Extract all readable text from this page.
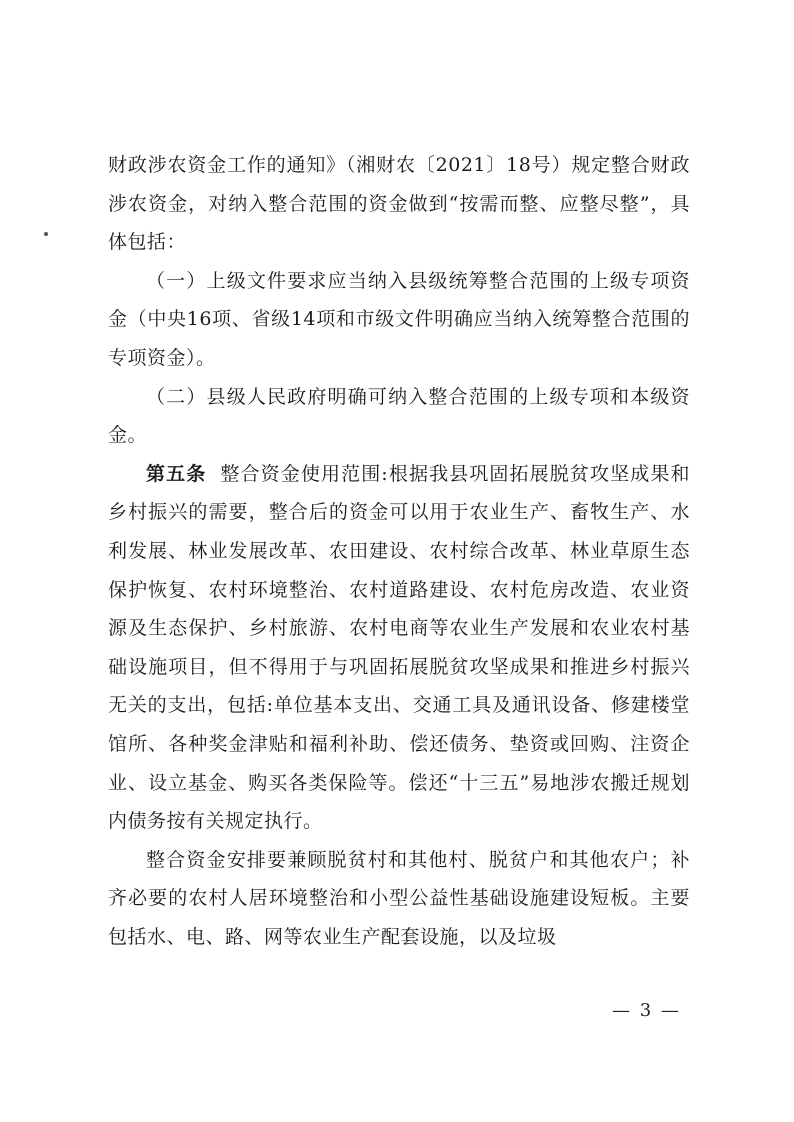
财政涉农资金工作的通知》（湘财农〔2021〕18号）规定整合财政涉农资金，对纳入整合范围的资金做到“按需而整、应整尽整”，具体包括：

（一）上级文件要求应当纳入县级统筹整合范围的上级专项资金（中央16项、省级14项和市级文件明确应当纳入统筹整合范围的专项资金）。

（二）县级人民政府明确可纳入整合范围的上级专项和本级资金。

第五条 整合资金使用范围:根据我县巩固拓展脱贫攻坚成果和乡村振兴的需要，整合后的资金可以用于农业生产、畜牧生产、水利发展、林业发展改革、农田建设、农村综合改革、林业草原生态保护恢复、农村环境整治、农村道路建设、农村危房改造、农业资源及生态保护、乡村旅游、农村电商等农业生产发展和农业农村基础设施项目，但不得用于与巩固拓展脱贫攻坚成果和推进乡村振兴无关的支出，包括:单位基本支出、交通工具及通讯设备、修建楼堂馆所、各种奖金津贴和福利补助、偿还债务、垫资或回购、注资企业、设立基金、购买各类保险等。偿还“十三五”易地涉农搬迁规划内债务按有关规定执行。

整合资金安排要兼顾脱贫村和其他村、脱贫户和其他农户；补齐必要的农村人居环境整治和小型公益性基础设施建设短板。主要包括水、电、路、网等农业生产配套设施，以及垃圾

— 3 —
